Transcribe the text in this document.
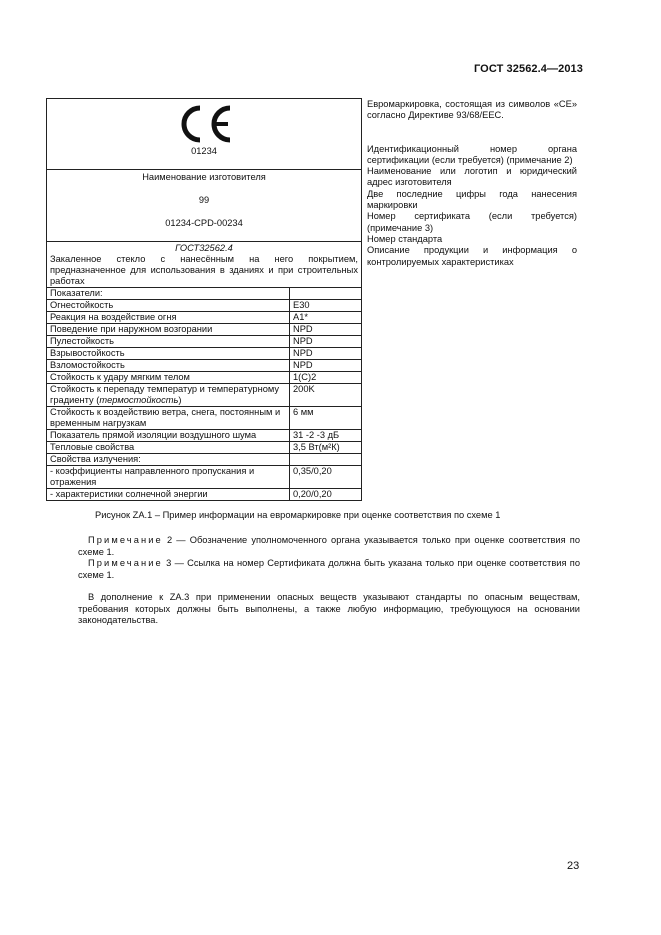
ГОСТ 32562.4—2013
01234	

Наименование изготовителя
99
01234-CPD-00234	

ГОСТ32562.4
Закаленное стекло с нанесённым на него покрытием, предназначенное для использования в зданиях и при строительных работах	

Показатели:	
Огнестойкость	E30
Реакция на воздействие огня	A1*
Поведение при наружном возгорании	NPD
Пулестойкость	NPD
Взрывостойкость	NPD
Взломостойкость	NPD
Стойкость к удару мягким телом	1(C)2
Стойкость к перепаду температур и температурному градиенту (термостойкость)	200K
Стойкость к воздействию ветра, снега, постоянным и временным нагрузкам	6 мм
Показатель прямой изоляции воздушного шума	31 -2 -3 дБ
Тепловые свойства	3,5 Вт(м²К)
Свойства излучения:	
- коэффициенты направленного пропускания и отражения	0,35/0,20
- характеристики солнечной энергии	0,20/0,20

Евромаркировка, состоящая из символов «CE» согласно Директиве 93/68/EEC.

Идентификационный номер органа сертификации (если требуется) (примечание 2)

Наименование или логотип и юридический адрес изготовителя

Две последние цифры года нанесения маркировки

Номер сертификата (если требуется) (примечание 3)

Номер стандарта

Описание продукции и информация о контролируемых характеристиках

Рисунок ZA.1 – Пример информации на евромаркировке при оценке соответствия по схеме 1
Примечание 2 — Обозначение уполномоченного органа указывается только при оценке соответствия по схеме 1.
Примечание 3 — Ссылка на номер Сертификата должна быть указана только при оценке соответствия по схеме 1.
В дополнение к ZA.3 при применении опасных веществ указывают стандарты по опасным веществам, требования которых должны быть выполнены, а также любую информацию, требующуюся на основании законодательства.
23
